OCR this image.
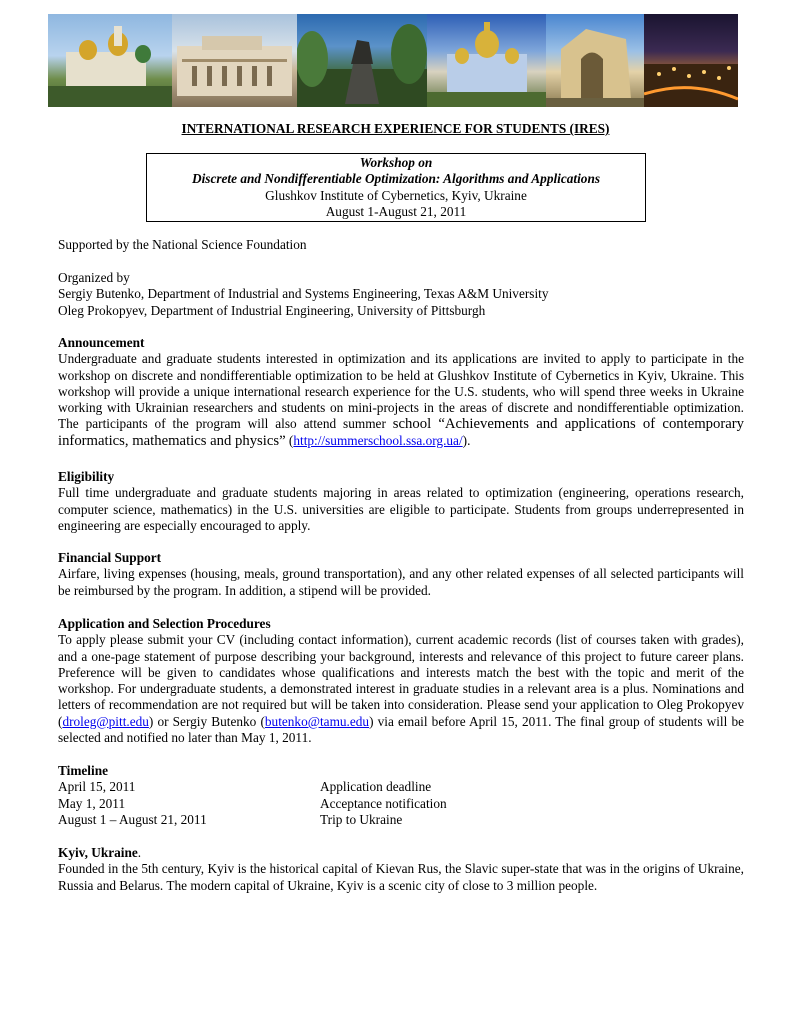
INTERNATIONAL RESEARCH EXPERIENCE FOR STUDENTS (IRES)
Workshop on
Discrete and Nondifferentiable Optimization: Algorithms and Applications
Glushkov Institute of Cybernetics, Kyiv, Ukraine
August 1-August 21, 2011
Supported by the National Science Foundation

Organized by

Sergiy Butenko, Department of Industrial and Systems Engineering, Texas A&M University

Oleg Prokopyev, Department of Industrial Engineering, University of Pittsburgh

Announcement

Undergraduate and graduate students interested in optimization and its applications are invited to apply to participate in the workshop on discrete and nondifferentiable optimization to be held at Glushkov Institute of Cybernetics in Kyiv, Ukraine. This workshop will provide a unique international research experience for the U.S. students, who will spend three weeks in Ukraine working with Ukrainian researchers and students on mini-projects in the areas of discrete and nondifferentiable optimization. The participants of the program will also attend summer school “Achievements and applications of contemporary informatics, mathematics and physics” (http://summerschool.ssa.org.ua/).

Eligibility

Full time undergraduate and graduate students majoring in areas related to optimization (engineering, operations research, computer science, mathematics) in the U.S. universities are eligible to participate. Students from groups underrepresented in engineering are especially encouraged to apply.

Financial Support

Airfare, living expenses (housing, meals, ground transportation), and any other related expenses of all selected participants will be reimbursed by the program. In addition, a stipend will be provided.

Application and Selection Procedures

To apply please submit your CV (including contact information), current academic records (list of courses taken with grades), and a one-page statement of purpose describing your background, interests and relevance of this project to future career plans. Preference will be given to candidates whose qualifications and interests match the best with the topic and merit of the workshop. For undergraduate students, a demonstrated interest in graduate studies in a relevant area is a plus. Nominations and letters of recommendation are not required but will be taken into consideration. Please send your application to Oleg Prokopyev (droleg@pitt.edu) or Sergiy Butenko (butenko@tamu.edu) via email before April 15, 2011. The final group of students will be selected and notified no later than May 1, 2011.

Timeline

April 15, 2011	Application deadline
May 1, 2011	Acceptance notification
August 1 – August 21, 2011	Trip to Ukraine

Kyiv, Ukraine.

Founded in the 5th century, Kyiv is the historical capital of Kievan Rus, the Slavic super-state that was in the origins of Ukraine, Russia and Belarus. The modern capital of Ukraine, Kyiv is a scenic city of close to 3 million people.
